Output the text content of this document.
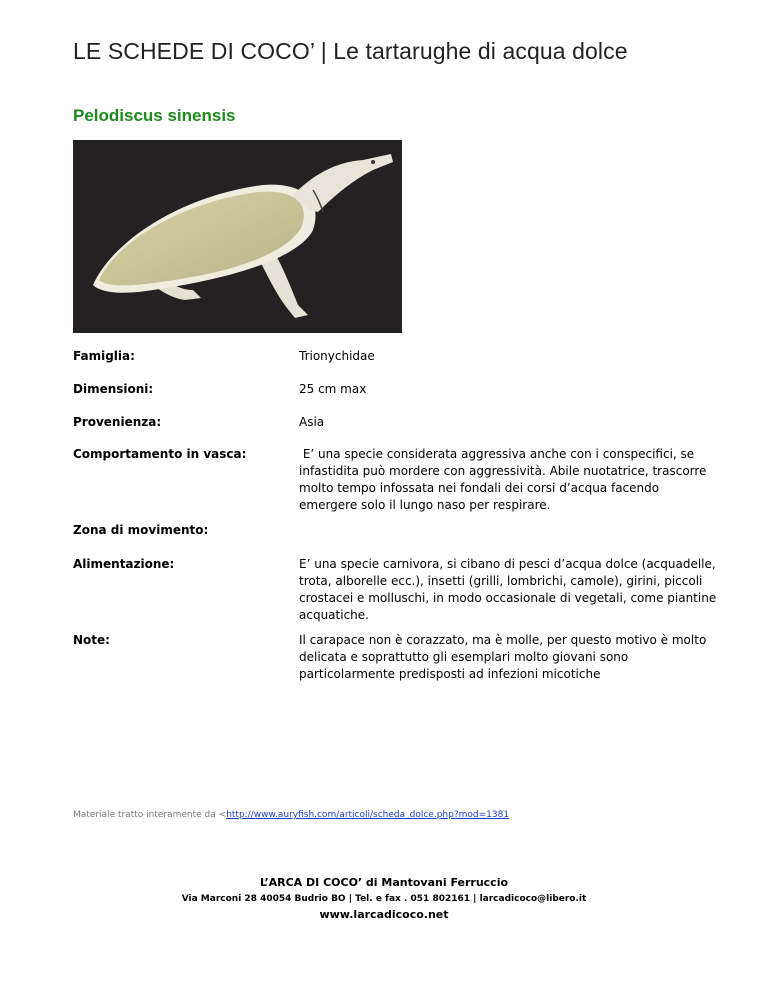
LE SCHEDE DI COCO’ | Le tartarughe di acqua dolce
Pelodiscus sinensis
Famiglia:	Trionychidae
Dimensioni:	25 cm max
Provenienza:	Asia
Comportamento in vasca:	E’ una specie considerata aggressiva anche con i conspecifici, se infastidita può mordere con aggressività. Abile nuotatrice, trascorre molto tempo infossata nei fondali dei corsi d’acqua facendo emergere solo il lungo naso per respirare.
Zona di movimento:
Alimentazione:	E’ una specie carnivora, si cibano di pesci d’acqua dolce (acquadelle, trota, alborelle ecc.), insetti (grilli, lombrichi, camole), girini, piccoli crostacei e molluschi, in modo occasionale di vegetali, come piantine acquatiche.
Note:	Il carapace non è corazzato, ma è molle, per questo motivo è molto delicata e soprattutto gli esemplari molto giovani sono particolarmente predisposti ad infezioni micotiche
Materiale tratto interamente da <http://www.auryfish.com/articoli/scheda_dolce.php?mod=1381
L’ARCA DI COCO’ di Mantovani Ferruccio
Via Marconi 28 40054 Budrio BO | Tel. e fax . 051 802161 | larcadicoco@libero.it
www.larcadicoco.net
